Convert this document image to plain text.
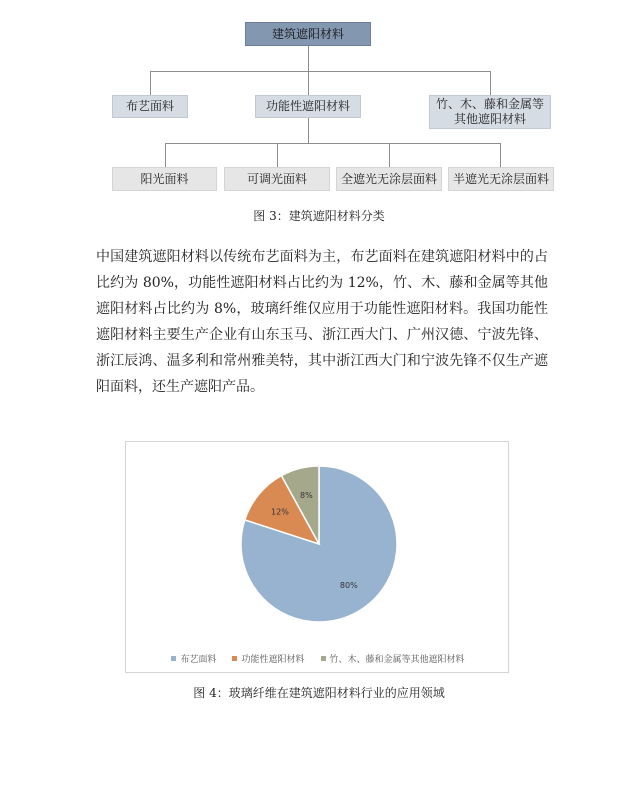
建筑遮阳材料
布艺面料	功能性遮阳材料	竹、木、藤和金属等
其他遮阳材料
阳光面料	可调光面料	全遮光无涂层面料	半遮光无涂层面料
图 3：建筑遮阳材料分类

中国建筑遮阳材料以传统布艺面料为主，布艺面料在建筑遮阳材料中的占比约为 80%，功能性遮阳材料占比约为 12%，竹、木、藤和金属等其他遮阳材料占比约为 8%，玻璃纤维仅应用于功能性遮阳材料。我国功能性遮阳材料主要生产企业有山东玉马、浙江西大门、广州汉德、宁波先锋、浙江辰鸿、温多利和常州雅美特，其中浙江西大门和宁波先锋不仅生产遮阳面料，还生产遮阳产品。

80%
12%
8%
布艺面料	功能性遮阳材料	竹、木、藤和金属等其他遮阳材料
图 4：玻璃纤维在建筑遮阳材料行业的应用领域
